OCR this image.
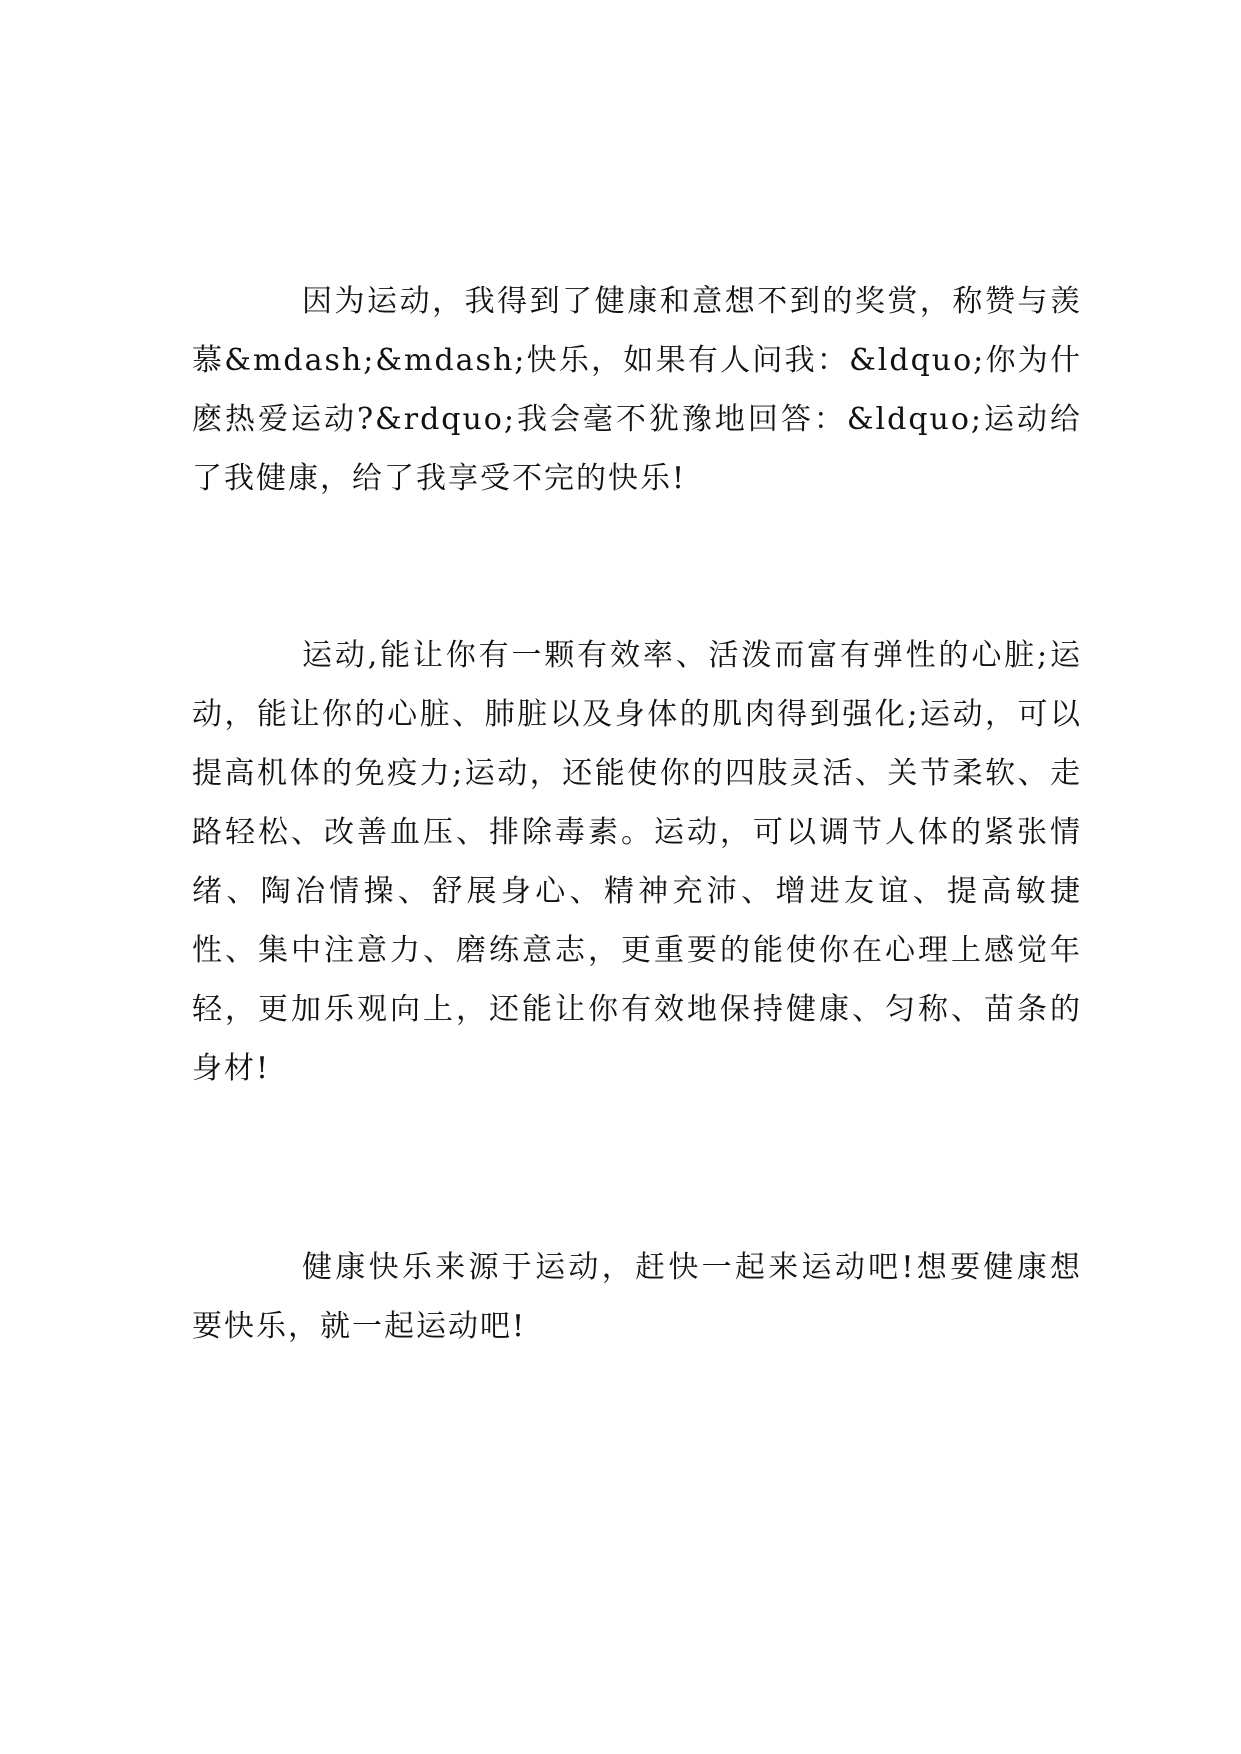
因为运动，我得到了健康和意想不到的奖赏，称赞与羡慕&mdash;&mdash;快乐，如果有人问我：&ldquo;你为什麽热爱运动?&rdquo;我会毫不犹豫地回答：&ldquo;运动给了我健康，给了我享受不完的快乐!

运动,能让你有一颗有效率、活泼而富有弹性的心脏;运动，能让你的心脏、肺脏以及身体的肌肉得到强化;运动，可以提高机体的免疫力;运动，还能使你的四肢灵活、关节柔软、走路轻松、改善血压、排除毒素。运动，可以调节人体的紧张情绪、陶冶情操、舒展身心、精神充沛、增进友谊、提高敏捷性、集中注意力、磨练意志，更重要的能使你在心理上感觉年轻，更加乐观向上，还能让你有效地保持健康、匀称、苗条的身材!

健康快乐来源于运动，赶快一起来运动吧!想要健康想要快乐，就一起运动吧!
